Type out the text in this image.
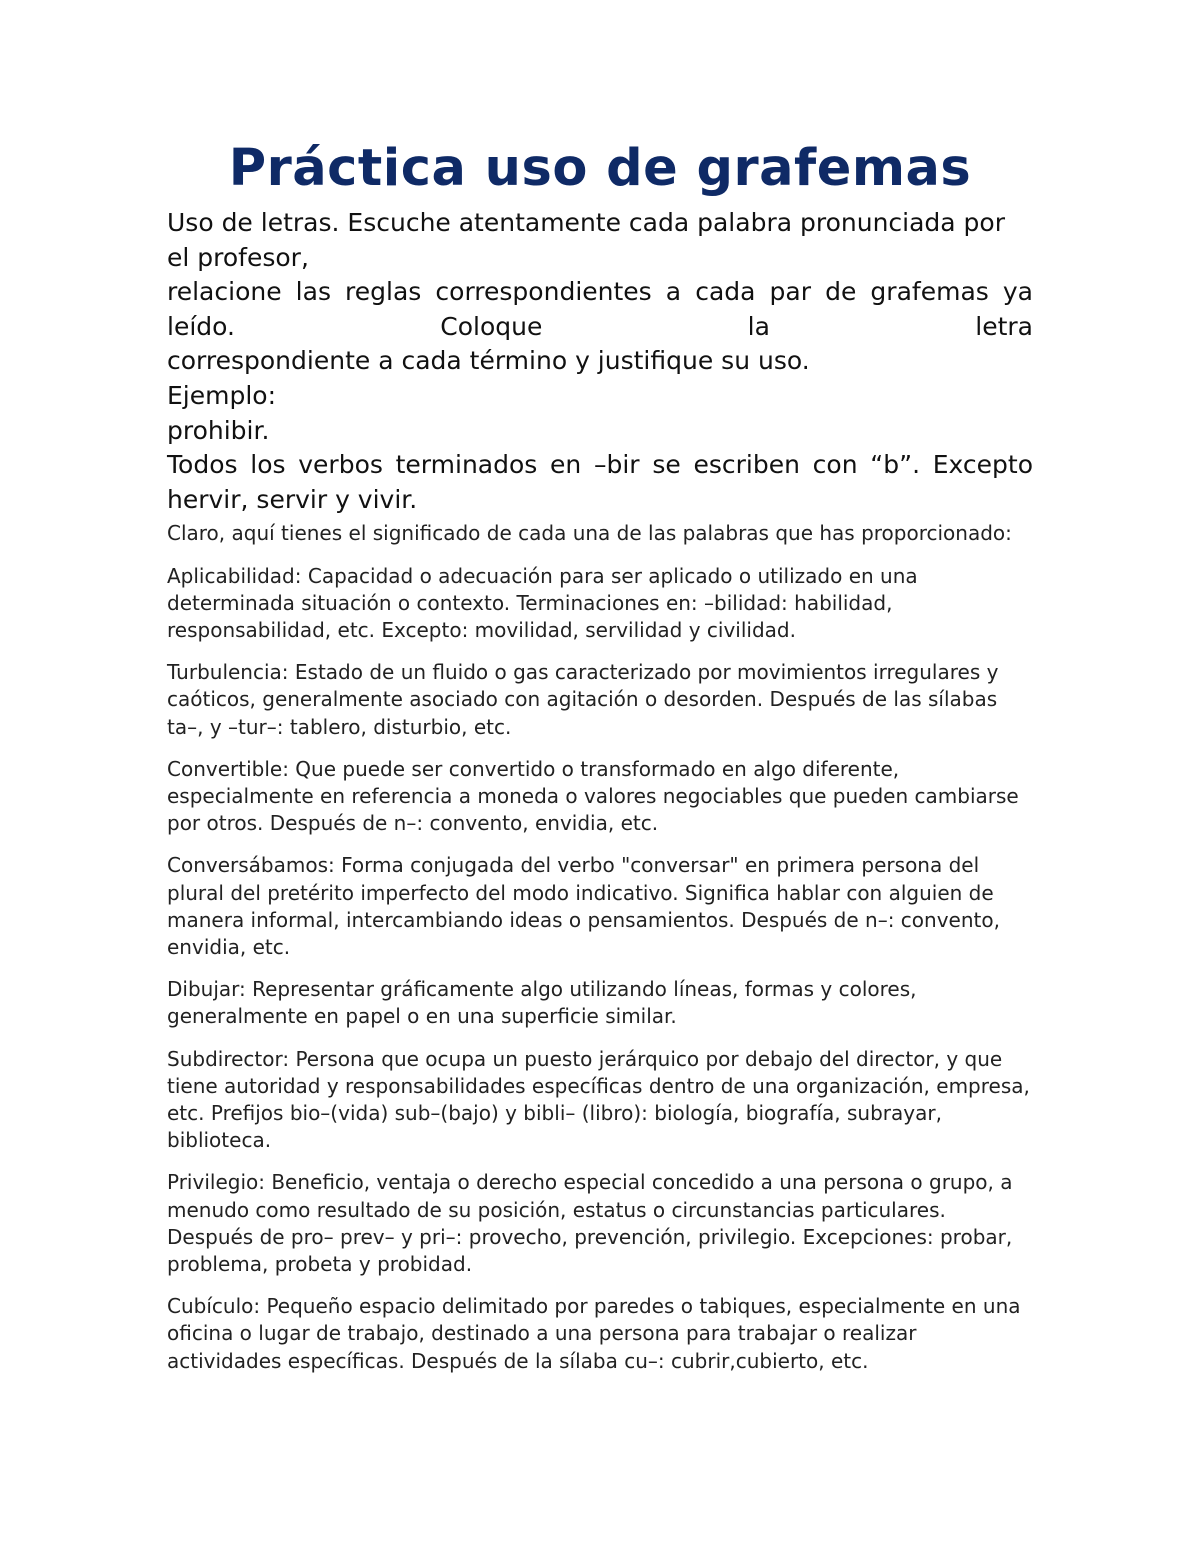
Práctica uso de grafemas

Uso de letras. Escuche atentamente cada palabra pronunciada por el profesor,

relacione las reglas correspondientes a cada par de grafemas ya leído. Coloque la letra

correspondiente a cada término y justifique su uso.

Ejemplo:

prohibir.

Todos los verbos terminados en –bir se escriben con “b”. Excepto hervir, servir y vivir.

Claro, aquí tienes el significado de cada una de las palabras que has proporcionado:

Aplicabilidad: Capacidad o adecuación para ser aplicado o utilizado en una determinada situación o contexto. Terminaciones en: –bilidad: habilidad, responsabilidad, etc. Excepto: movilidad, servilidad y civilidad.

Turbulencia: Estado de un fluido o gas caracterizado por movimientos irregulares y caóticos, generalmente asociado con agitación o desorden. Después de las sílabas ta–, y –tur–: tablero, disturbio, etc.

Convertible: Que puede ser convertido o transformado en algo diferente, especialmente en referencia a moneda o valores negociables que pueden cambiarse por otros. Después de n–: convento, envidia, etc.

Conversábamos: Forma conjugada del verbo "conversar" en primera persona del plural del pretérito imperfecto del modo indicativo. Significa hablar con alguien de manera informal, intercambiando ideas o pensamientos. Después de n–: convento, envidia, etc.

Dibujar: Representar gráficamente algo utilizando líneas, formas y colores, generalmente en papel o en una superficie similar.

Subdirector: Persona que ocupa un puesto jerárquico por debajo del director, y que tiene autoridad y responsabilidades específicas dentro de una organización, empresa, etc. Prefijos bio–(vida) sub–(bajo) y bibli– (libro): biología, biografía, subrayar, biblioteca.

Privilegio: Beneficio, ventaja o derecho especial concedido a una persona o grupo, a menudo como resultado de su posición, estatus o circunstancias particulares. Después de pro– prev– y pri–: provecho, prevención, privilegio. Excepciones: probar, problema, probeta y probidad.

Cubículo: Pequeño espacio delimitado por paredes o tabiques, especialmente en una oficina o lugar de trabajo, destinado a una persona para trabajar o realizar actividades específicas. Después de la sílaba cu–: cubrir,cubierto, etc.
